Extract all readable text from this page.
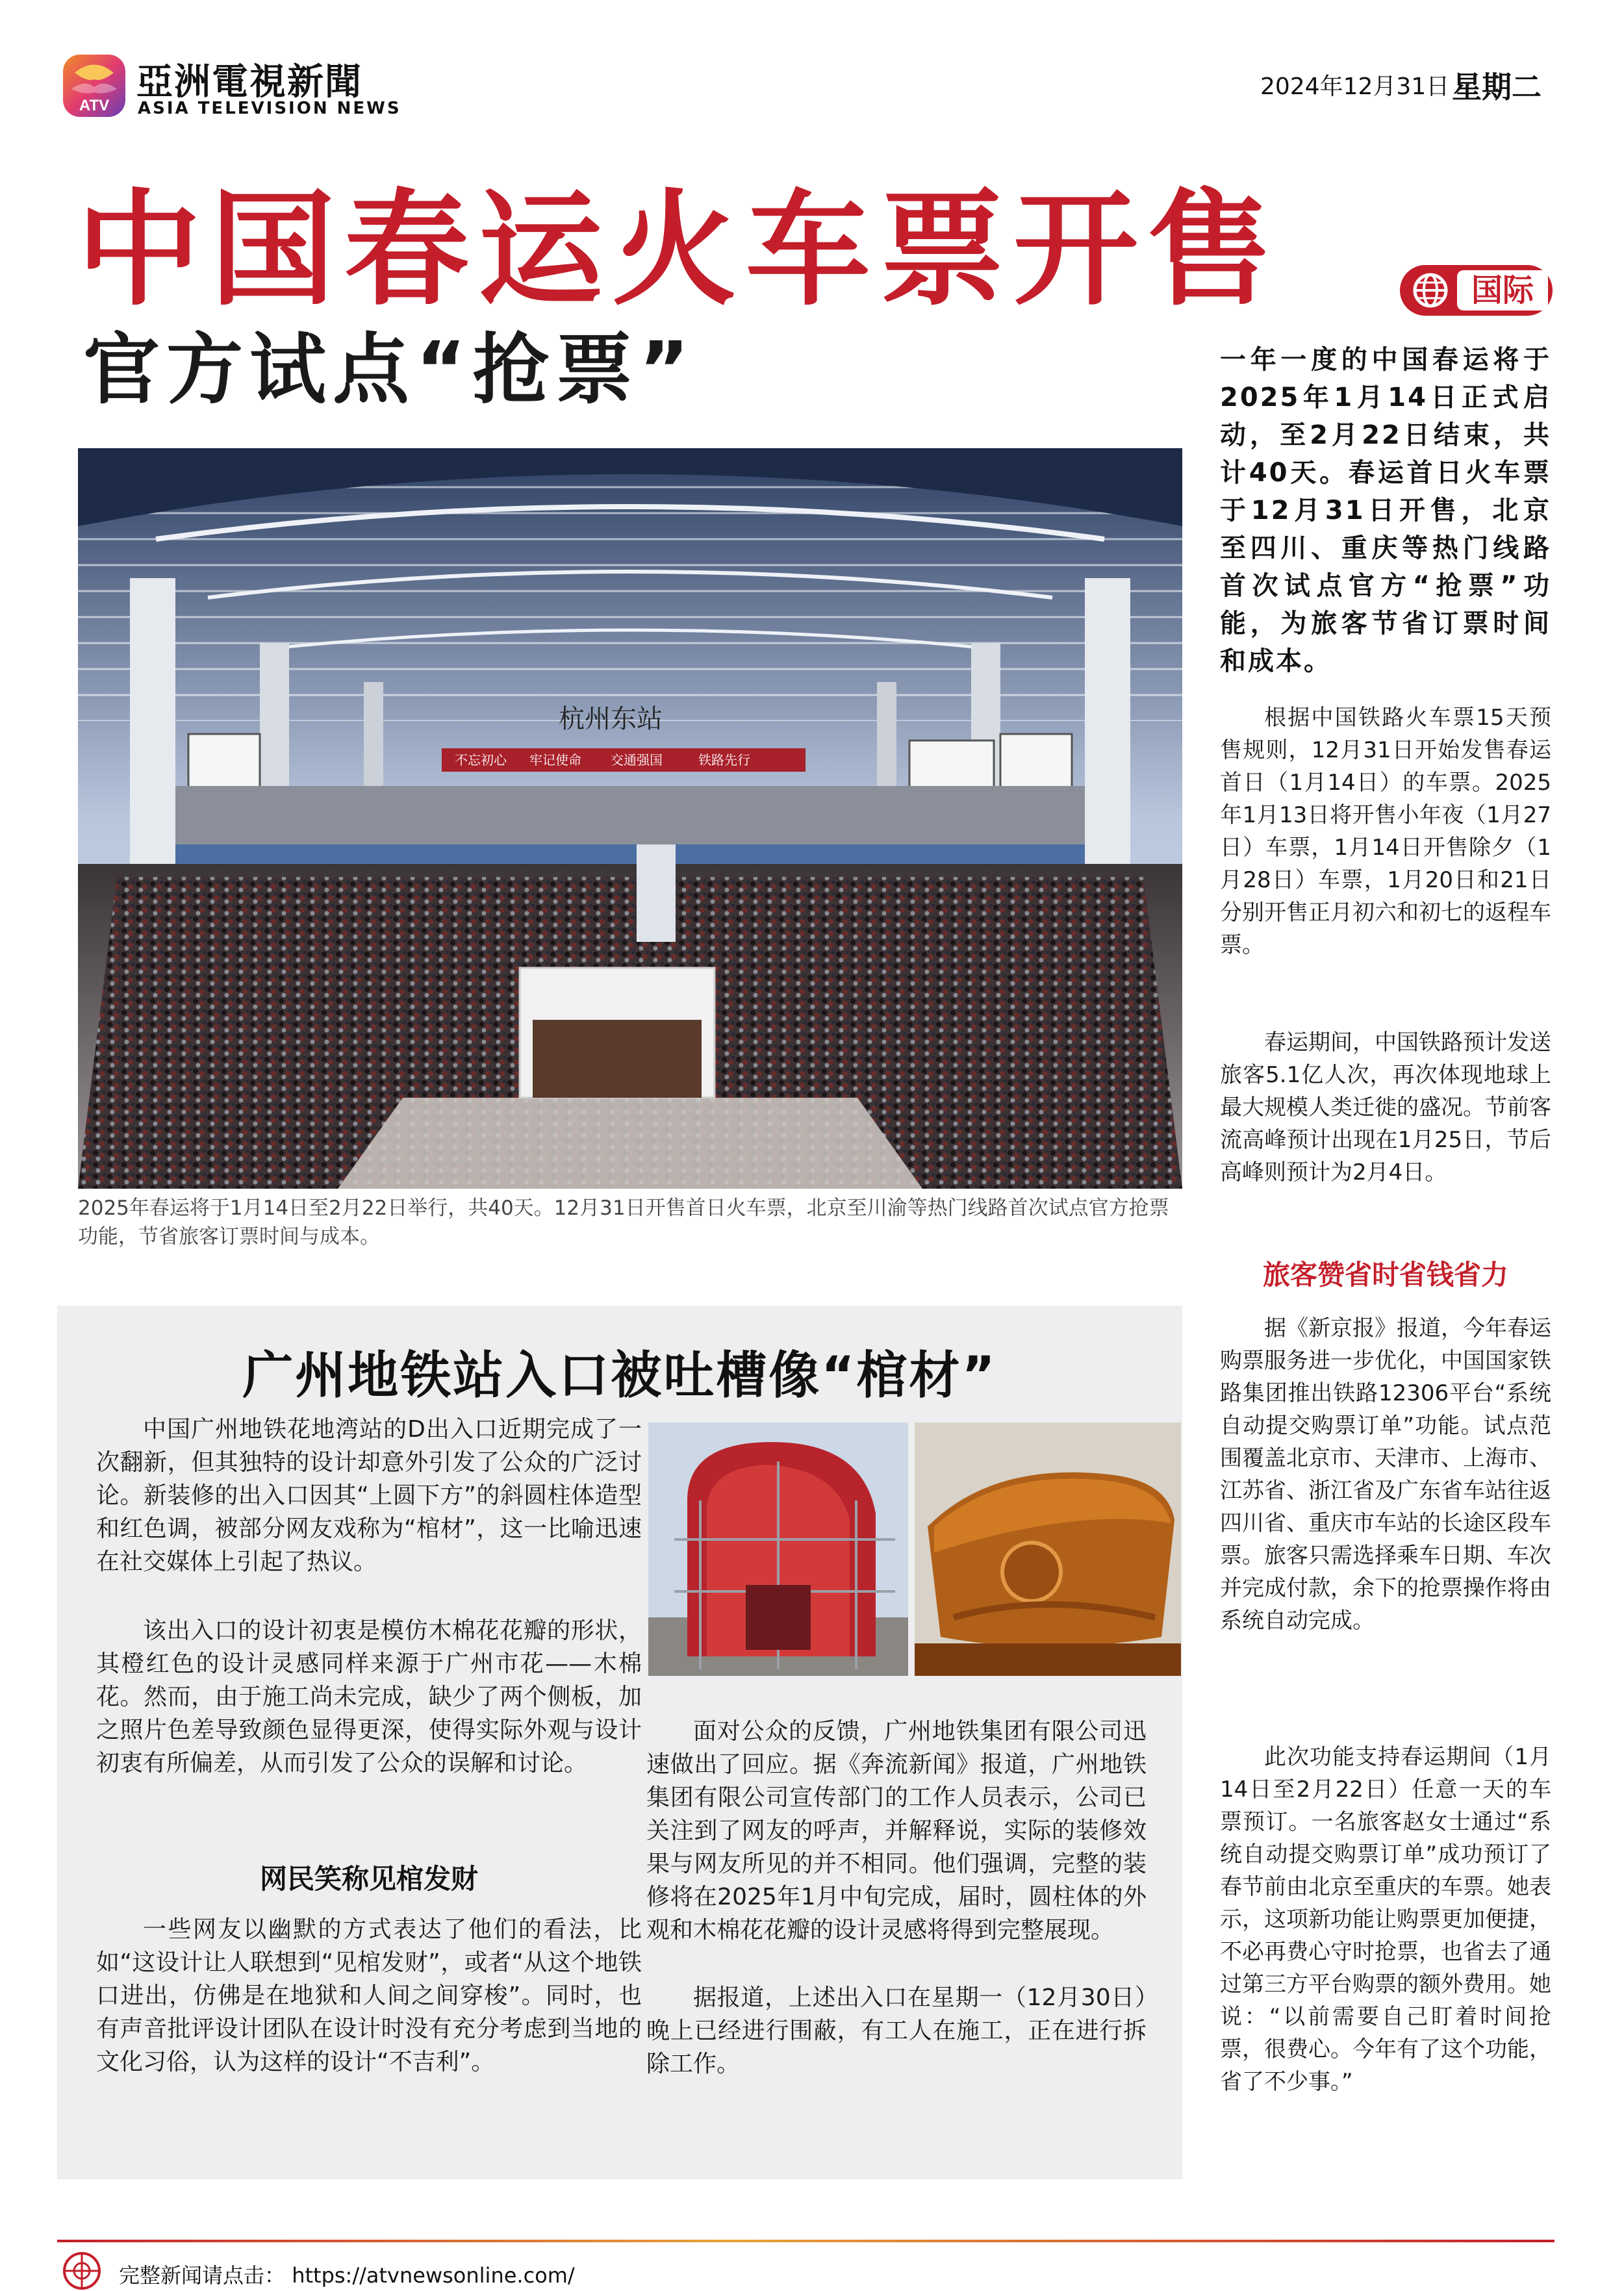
ATV
亞洲電視新聞
ASIA TELEVISION NEWS
2024年12月31日 星期二
中国春运火车票开售
官方试点“抢票”
国际
杭州东站
不忘初心 牢记使命 交通强国	铁路先行
2025年春运将于1月14日至2月22日举行，共40天。12月31日开售首日火车票，北京至川渝等热门线路首次试点官方抢票功能，节省旅客订票时间与成本。
一年一度的中国春运将于2025年1月14日正式启动，至2月22日结束，共计40天。春运首日火车票于12月31日开售，北京至四川、重庆等热门线路首次试点官方“抢票”功能，为旅客节省订票时间和成本。
根据中国铁路火车票15天预售规则，12月31日开始发售春运首日（1月14日）的车票。2025年1月13日将开售小年夜（1月27日）车票，1月14日开售除夕（1月28日）车票，1月20日和21日分别开售正月初六和初七的返程车票。
春运期间，中国铁路预计发送旅客5.1亿人次，再次体现地球上最大规模人类迁徙的盛况。节前客流高峰预计出现在1月25日，节后高峰则预计为2月4日。
旅客赞省时省钱省力
据《新京报》报道，今年春运购票服务进一步优化，中国国家铁路集团推出铁路12306平台“系统自动提交购票订单”功能。试点范围覆盖北京市、天津市、上海市、江苏省、浙江省及广东省车站往返四川省、重庆市车站的长途区段车票。旅客只需选择乘车日期、车次并完成付款，余下的抢票操作将由系统自动完成。
此次功能支持春运期间（1月14日至2月22日）任意一天的车票预订。一名旅客赵女士通过“系统自动提交购票订单”成功预订了春节前由北京至重庆的车票。她表示，这项新功能让购票更加便捷，不必再费心守时抢票，也省去了通过第三方平台购票的额外费用。她说：“以前需要自己盯着时间抢票，很费心。今年有了这个功能，省了不少事。”
广州地铁站入口被吐槽像“棺材”
中国广州地铁花地湾站的D出入口近期完成了一次翻新，但其独特的设计却意外引发了公众的广泛讨论。新装修的出入口因其“上圆下方”的斜圆柱体造型和红色调，被部分网友戏称为“棺材”，这一比喻迅速在社交媒体上引起了热议。
该出入口的设计初衷是模仿木棉花花瓣的形状，其橙红色的设计灵感同样来源于广州市花——木棉花。然而，由于施工尚未完成，缺少了两个侧板，加之照片色差导致颜色显得更深，使得实际外观与设计初衷有所偏差，从而引发了公众的误解和讨论。
网民笑称见棺发财
一些网友以幽默的方式表达了他们的看法，比如“这设计让人联想到“见棺发财”，或者“从这个地铁口进出，仿佛是在地狱和人间之间穿梭”。同时，也有声音批评设计团队在设计时没有充分考虑到当地的文化习俗，认为这样的设计“不吉利”。
面对公众的反馈，广州地铁集团有限公司迅速做出了回应。据《奔流新闻》报道，广州地铁集团有限公司宣传部门的工作人员表示，公司已关注到了网友的呼声，并解释说，实际的装修效果与网友所见的并不相同。他们强调，完整的装修将在2025年1月中旬完成，届时，圆柱体的外观和木棉花花瓣的设计灵感将得到完整展现。
据报道，上述出入口在星期一（12月30日）晚上已经进行围蔽，有工人在施工，正在进行拆除工作。
完整新闻请点击： https://atvnewsonline.com/
